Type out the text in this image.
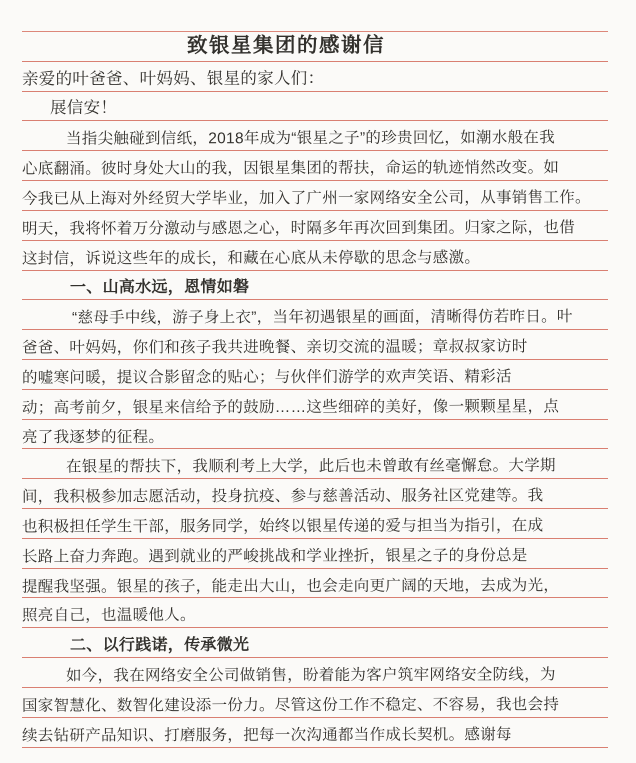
致银星集团的感谢信
亲爱的叶爸爸、叶妈妈、银星的家人们：
展信安！
当指尖触碰到信纸，2018年成为“银星之子”的珍贵回忆，如潮水般在我
心底翻涌。彼时身处大山的我，因银星集团的帮扶，命运的轨迹悄然改变。如
今我已从上海对外经贸大学毕业，加入了广州一家网络安全公司，从事销售工作。
明天，我将怀着万分激动与感恩之心，时隔多年再次回到集团。归家之际，也借
这封信，诉说这些年的成长，和藏在心底从未停歇的思念与感激。
一、山高水远，恩情如磐
“慈母手中线，游子身上衣”，当年初遇银星的画面，清晰得仿若昨日。叶
爸爸、叶妈妈，你们和孩子我共进晚餐、亲切交流的温暖；章叔叔家访时
的嘘寒问暖，提议合影留念的贴心；与伙伴们游学的欢声笑语、精彩活
动；高考前夕，银星来信给予的鼓励……这些细碎的美好，像一颗颗星星，点
亮了我逐梦的征程。
在银星的帮扶下，我顺利考上大学，此后也未曾敢有丝毫懈怠。大学期
间，我积极参加志愿活动，投身抗疫、参与慈善活动、服务社区党建等。我
也积极担任学生干部，服务同学，始终以银星传递的爱与担当为指引，在成
长路上奋力奔跑。遇到就业的严峻挑战和学业挫折，银星之子的身份总是
提醒我坚强。银星的孩子，能走出大山，也会走向更广阔的天地，去成为光，
照亮自己，也温暖他人。
二、以行践诺，传承微光
如今，我在网络安全公司做销售，盼着能为客户筑牢网络安全防线，为
国家智慧化、数智化建设添一份力。尽管这份工作不稳定、不容易，我也会持
续去钻研产品知识、打磨服务，把每一次沟通都当作成长契机。感谢每
